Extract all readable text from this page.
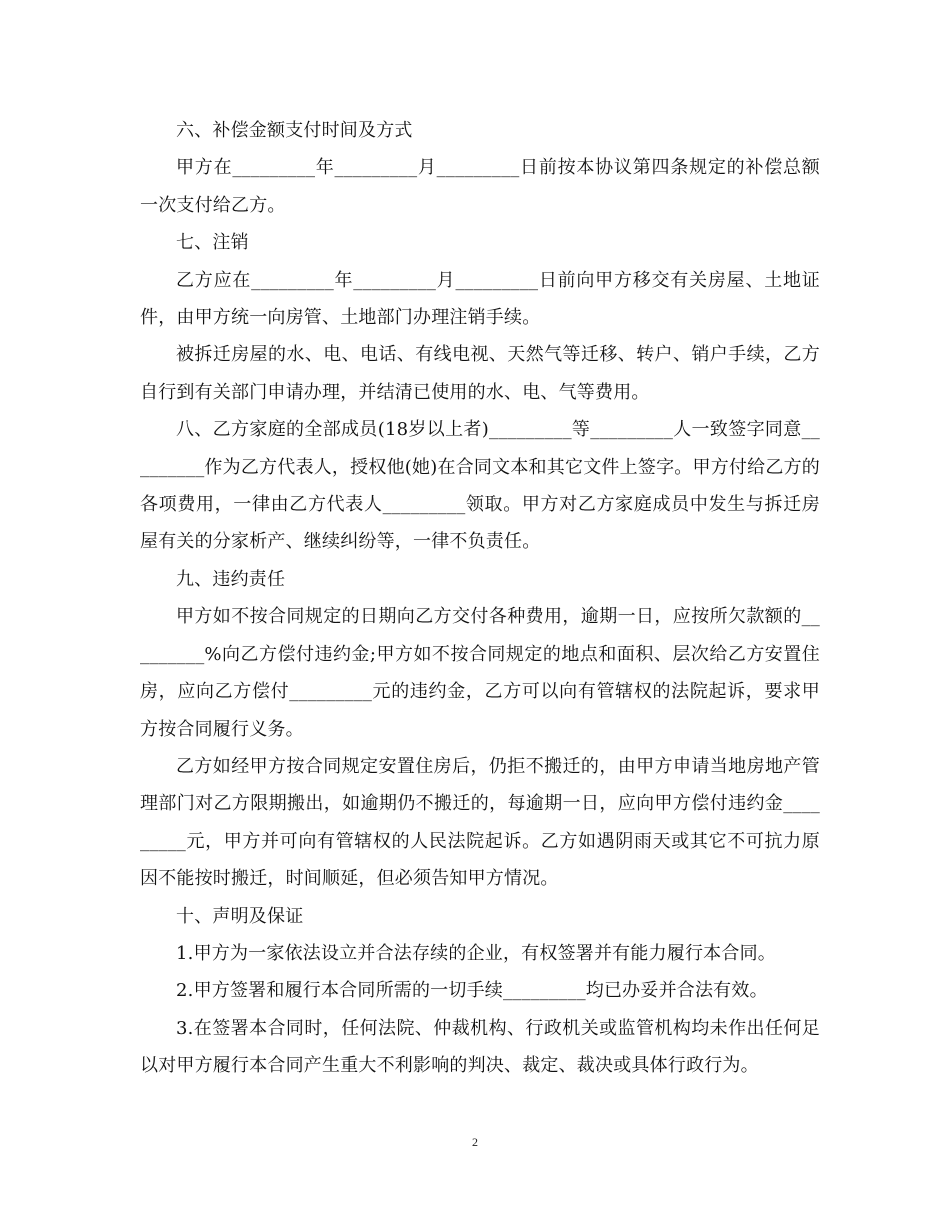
六、补偿金额支付时间及方式

甲方在_________年_________月_________日前按本协议第四条规定的补偿总额一次支付给乙方。

七、注销

乙方应在_________年_________月_________日前向甲方移交有关房屋、土地证件，由甲方统一向房管、土地部门办理注销手续。

被拆迁房屋的水、电、电话、有线电视、天然气等迁移、转户、销户手续，乙方自行到有关部门申请办理，并结清已使用的水、电、气等费用。

八、乙方家庭的全部成员(18岁以上者)_________等_________人一致签字同意_________作为乙方代表人，授权他(她)在合同文本和其它文件上签字。甲方付给乙方的各项费用，一律由乙方代表人_________领取。甲方对乙方家庭成员中发生与拆迁房屋有关的分家析产、继续纠纷等，一律不负责任。

九、违约责任

甲方如不按合同规定的日期向乙方交付各种费用，逾期一日，应按所欠款额的_________%向乙方偿付违约金;甲方如不按合同规定的地点和面积、层次给乙方安置住房，应向乙方偿付_________元的违约金，乙方可以向有管辖权的法院起诉，要求甲方按合同履行义务。

乙方如经甲方按合同规定安置住房后，仍拒不搬迁的，由甲方申请当地房地产管理部门对乙方限期搬出，如逾期仍不搬迁的，每逾期一日，应向甲方偿付违约金_________元，甲方并可向有管辖权的人民法院起诉。乙方如遇阴雨天或其它不可抗力原因不能按时搬迁，时间顺延，但必须告知甲方情况。

十、声明及保证

1.甲方为一家依法设立并合法存续的企业，有权签署并有能力履行本合同。

2.甲方签署和履行本合同所需的一切手续_________均已办妥并合法有效。

3.在签署本合同时，任何法院、仲裁机构、行政机关或监管机构均未作出任何足以对甲方履行本合同产生重大不利影响的判决、裁定、裁决或具体行政行为。

2
